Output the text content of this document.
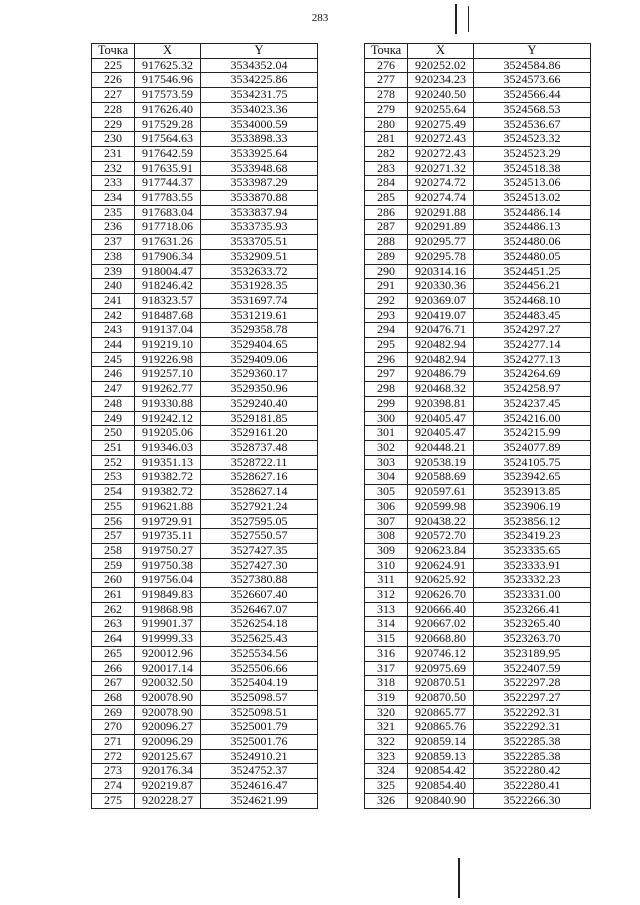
283
Точка	X	Y
225	917625.32	3534352.04
226	917546.96	3534225.86
227	917573.59	3534231.75
228	917626.40	3534023.36
229	917529.28	3534000.59
230	917564.63	3533898.33
231	917642.59	3533925.64
232	917635.91	3533948.68
233	917744.37	3533987.29
234	917783.55	3533870.88
235	917683.04	3533837.94
236	917718.06	3533735.93
237	917631.26	3533705.51
238	917906.34	3532909.51
239	918004.47	3532633.72
240	918246.42	3531928.35
241	918323.57	3531697.74
242	918487.68	3531219.61
243	919137.04	3529358.78
244	919219.10	3529404.65
245	919226.98	3529409.06
246	919257.10	3529360.17
247	919262.77	3529350.96
248	919330.88	3529240.40
249	919242.12	3529181.85
250	919205.06	3529161.20
251	919346.03	3528737.48
252	919351.13	3528722.11
253	919382.72	3528627.16
254	919382.72	3528627.14
255	919621.88	3527921.24
256	919729.91	3527595.05
257	919735.11	3527550.57
258	919750.27	3527427.35
259	919750.38	3527427.30
260	919756.04	3527380.88
261	919849.83	3526607.40
262	919868.98	3526467.07
263	919901.37	3526254.18
264	919999.33	3525625.43
265	920012.96	3525534.56
266	920017.14	3525506.66
267	920032.50	3525404.19
268	920078.90	3525098.57
269	920078.90	3525098.51
270	920096.27	3525001.79
271	920096.29	3525001.76
272	920125.67	3524910.21
273	920176.34	3524752.37
274	920219.87	3524616.47
275	920228.27	3524621.99
Точка	X	Y
276	920252.02	3524584.86
277	920234.23	3524573.66
278	920240.50	3524566.44
279	920255.64	3524568.53
280	920275.49	3524536.67
281	920272.43	3524523.32
282	920272.43	3524523.29
283	920271.32	3524518.38
284	920274.72	3524513.06
285	920274.74	3524513.02
286	920291.88	3524486.14
287	920291.89	3524486.13
288	920295.77	3524480.06
289	920295.78	3524480.05
290	920314.16	3524451.25
291	920330.36	3524456.21
292	920369.07	3524468.10
293	920419.07	3524483.45
294	920476.71	3524297.27
295	920482.94	3524277.14
296	920482.94	3524277.13
297	920486.79	3524264.69
298	920468.32	3524258.97
299	920398.81	3524237.45
300	920405.47	3524216.00
301	920405.47	3524215.99
302	920448.21	3524077.89
303	920538.19	3524105.75
304	920588.69	3523942.65
305	920597.61	3523913.85
306	920599.98	3523906.19
307	920438.22	3523856.12
308	920572.70	3523419.23
309	920623.84	3523335.65
310	920624.91	3523333.91
311	920625.92	3523332.23
312	920626.70	3523331.00
313	920666.40	3523266.41
314	920667.02	3523265.40
315	920668.80	3523263.70
316	920746.12	3523189.95
317	920975.69	3522407.59
318	920870.51	3522297.28
319	920870.50	3522297.27
320	920865.77	3522292.31
321	920865.76	3522292.31
322	920859.14	3522285.38
323	920859.13	3522285.38
324	920854.42	3522280.42
325	920854.40	3522280.41
326	920840.90	3522266.30
